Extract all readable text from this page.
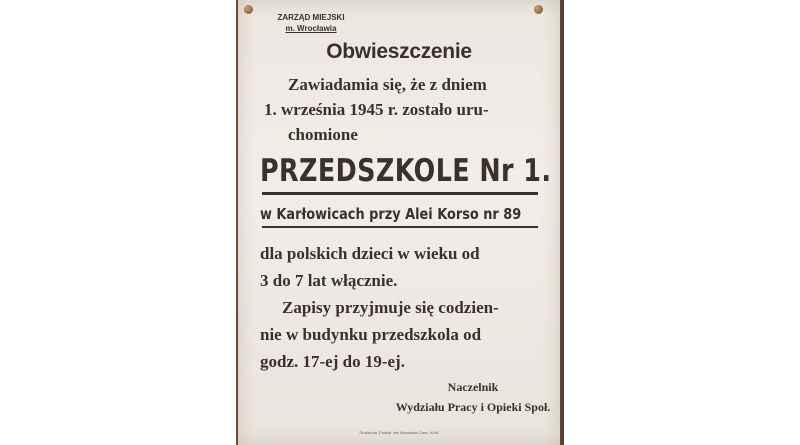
ZARZĄD MIEJSKI
m. Wrocławia
Obwieszczenie
Zawiadamia się, że z dniem
1. września 1945 r. zostało uru-
chomione
PRZEDSZKOLE Nr 1.
w Karłowicach przy Alei Korso nr 89
dla polskich dzieci w wieku od
3 do 7 lat włącznie.
Zapisy przyjmuje się codzien-
nie w budynku przedszkola od
godz. 17-ej do 19-ej.
Naczelnik
Wydziału Pracy i Opieki Społ.
Drukarnia „Polska” we Wrocławiu Zam. 4146
